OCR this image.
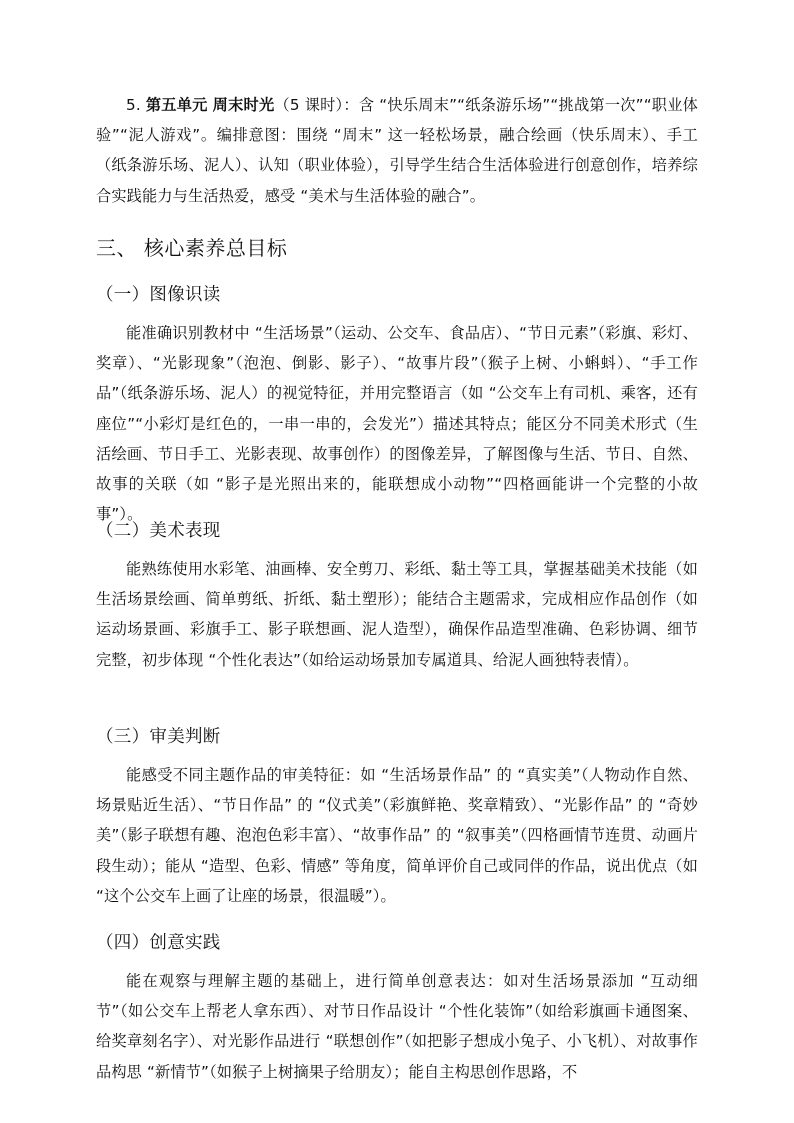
5. 第五单元 周末时光（5 课时）：含 “快乐周末”“纸条游乐场”“挑战第一次”“职业体验”“泥人游戏”。编排意图：围绕 “周末” 这一轻松场景，融合绘画（快乐周末）、手工（纸条游乐场、泥人）、认知（职业体验），引导学生结合生活体验进行创意创作，培养综合实践能力与生活热爱，感受 “美术与生活体验的融合”。

三、 核心素养总目标
（一）图像识读

能准确识别教材中 “生活场景”（运动、公交车、食品店）、“节日元素”（彩旗、彩灯、奖章）、“光影现象”（泡泡、倒影、影子）、“故事片段”（猴子上树、小蝌蚪）、“手工作品”（纸条游乐场、泥人）的视觉特征，并用完整语言（如 “公交车上有司机、乘客，还有座位”“小彩灯是红色的，一串一串的，会发光”）描述其特点；能区分不同美术形式（生活绘画、节日手工、光影表现、故事创作）的图像差异，了解图像与生活、节日、自然、故事的关联（如 “影子是光照出来的，能联想成小动物”“四格画能讲一个完整的小故事”）。

（二）美术表现

能熟练使用水彩笔、油画棒、安全剪刀、彩纸、黏土等工具，掌握基础美术技能（如生活场景绘画、简单剪纸、折纸、黏土塑形）；能结合主题需求，完成相应作品创作（如运动场景画、彩旗手工、影子联想画、泥人造型），确保作品造型准确、色彩协调、细节完整，初步体现 “个性化表达”（如给运动场景加专属道具、给泥人画独特表情）。

（三）审美判断

能感受不同主题作品的审美特征：如 “生活场景作品” 的 “真实美”（人物动作自然、场景贴近生活）、“节日作品” 的 “仪式美”（彩旗鲜艳、奖章精致）、“光影作品” 的 “奇妙美”（影子联想有趣、泡泡色彩丰富）、“故事作品” 的 “叙事美”（四格画情节连贯、动画片段生动）；能从 “造型、色彩、情感” 等角度，简单评价自己或同伴的作品，说出优点（如 “这个公交车上画了让座的场景，很温暖”）。

（四）创意实践

能在观察与理解主题的基础上，进行简单创意表达：如对生活场景添加 “互动细节”（如公交车上帮老人拿东西）、对节日作品设计 “个性化装饰”（如给彩旗画卡通图案、给奖章刻名字）、对光影作品进行 “联想创作”（如把影子想成小兔子、小飞机）、对故事作品构思 “新情节”（如猴子上树摘果子给朋友）；能自主构思创作思路，不
